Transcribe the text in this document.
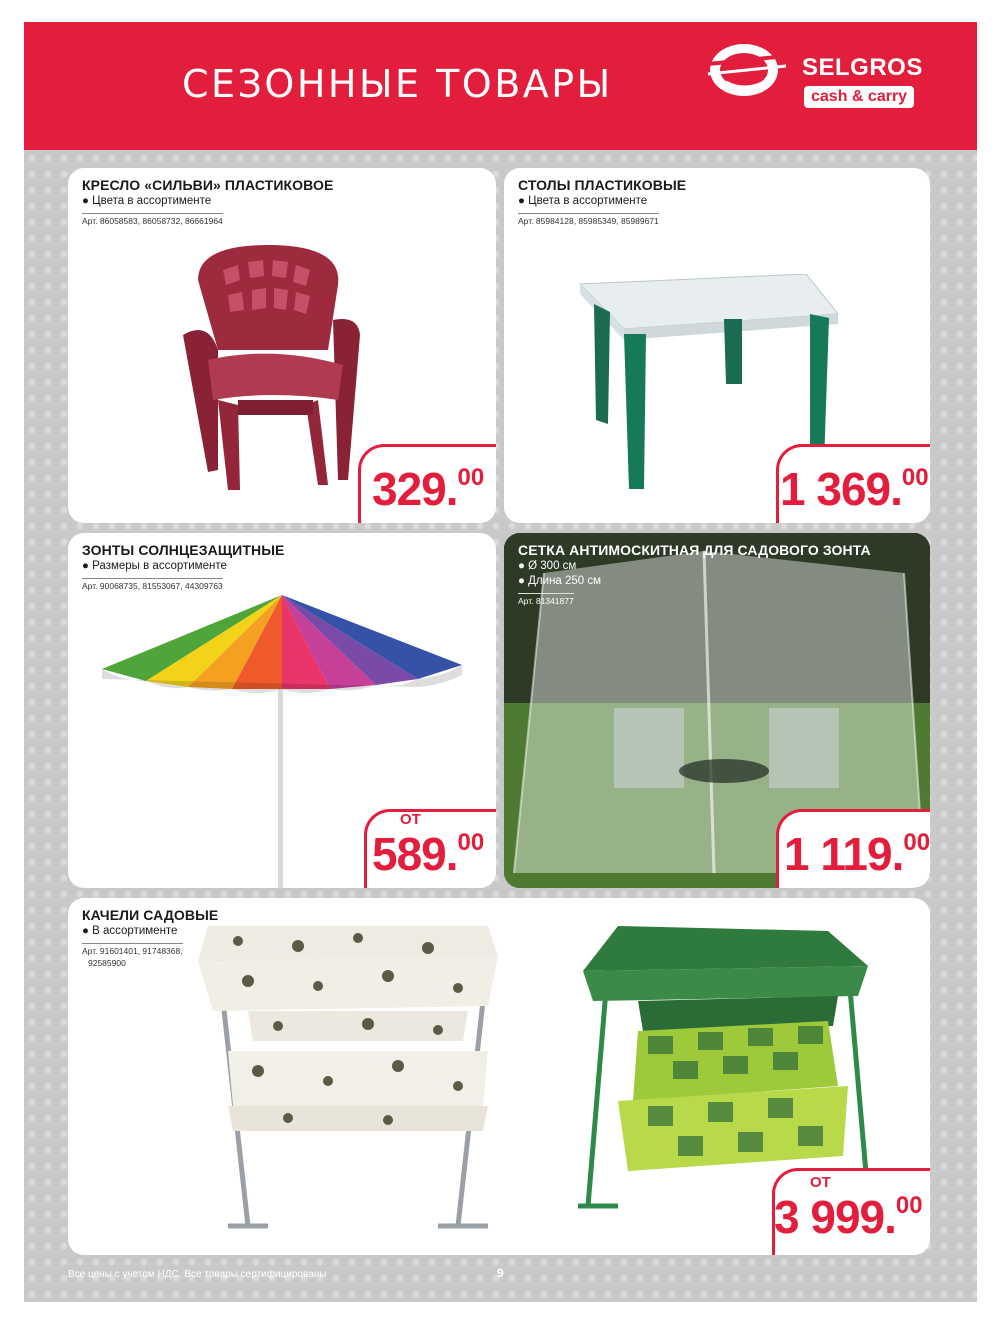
СЕЗОННЫЕ ТОВАРЫ	SELGROS
cash & carry
КРЕСЛО «СИЛЬВИ» ПЛАСТИКОВОЕ
● Цвета в ассортименте
Арт. 86058583, 86058732, 86661964
329.00
СТОЛЫ ПЛАСТИКОВЫЕ
● Цвета в ассортименте
Арт. 85984128, 85985349, 85989671
1 369.00
ЗОНТЫ СОЛНЦЕЗАЩИТНЫЕ
● Размеры в ассортименте
Арт. 90068735, 81553067, 44309763
ОТ
589.00
СЕТКА АНТИМОСКИТНАЯ ДЛЯ САДОВОГО ЗОНТА
● Ø 300 см
● Длина 250 см
Арт. 81341877
1 119.00
КАЧЕЛИ САДОВЫЕ
● В ассортименте
Арт. 91601401, 91748368,
92585900
ОТ
3 999.00
Все цены с учетом НДС. Все товары сертифицированы	9
